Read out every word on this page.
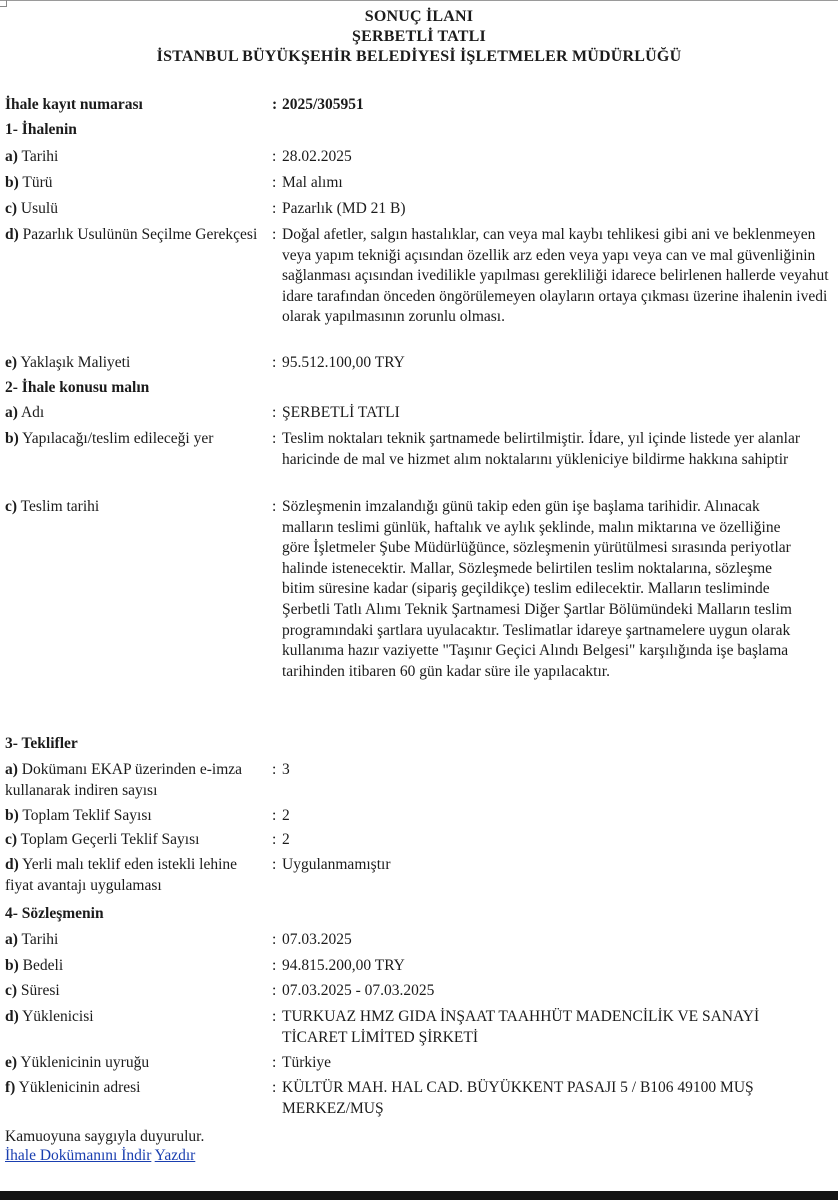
SONUÇ İLANI
ŞERBETLİ TATLI
İSTANBUL BÜYÜKŞEHİR BELEDİYESİ İŞLETMELER MÜDÜRLÜĞÜ
İhale kayıt numarası	: 2025/305951
1- İhalenin
a) Tarihi	: 28.02.2025
b) Türü	: Mal alımı
c) Usulü	: Pazarlık (MD 21 B)
d) Pazarlık Usulünün Seçilme Gerekçesi : Doğal afetler, salgın hastalıklar, can veya mal kaybı tehlikesi gibi ani ve beklenmeyen veya yapım tekniği açısından özellik arz eden veya yapı veya can ve mal güvenliğinin sağlanması açısından ivedilikle yapılması gerekliliği idarece belirlenen hallerde veyahut idare tarafından önceden öngörülemeyen olayların ortaya çıkması üzerine ihalenin ivedi olarak yapılmasının zorunlu olması.
e) Yaklaşık Maliyeti	: 95.512.100,00 TRY
2- İhale konusu malın
a) Adı	: ŞERBETLİ TATLI
b) Yapılacağı/teslim edileceği yer	: Teslim noktaları teknik şartnamede belirtilmiştir. İdare, yıl içinde listede yer alanlar haricinde de mal ve hizmet alım noktalarını yükleniciye bildirme hakkına sahiptir
c) Teslim tarihi	: Sözleşmenin imzalandığı günü takip eden gün işe başlama tarihidir. Alınacak malların teslimi günlük, haftalık ve aylık şeklinde, malın miktarına ve özelliğine göre İşletmeler Şube Müdürlüğünce, sözleşmenin yürütülmesi sırasında periyotlar halinde istenecektir. Mallar, Sözleşmede belirtilen teslim noktalarına, sözleşme bitim süresine kadar (sipariş geçildikçe) teslim edilecektir. Malların tesliminde Şerbetli Tatlı Alımı Teknik Şartnamesi Diğer Şartlar Bölümündeki Malların teslim programındaki şartlara uyulacaktır. Teslimatlar idareye şartnamelere uygun olarak kullanıma hazır vaziyette "Taşınır Geçici Alındı Belgesi" karşılığında işe başlama tarihinden itibaren 60 gün kadar süre ile yapılacaktır.
3- Teklifler
a) Dokümanı EKAP üzerinden e-imza kullanarak indiren sayısı
: 3
b) Toplam Teklif Sayısı	: 2
c) Toplam Geçerli Teklif Sayısı	: 2
d) Yerli malı teklif eden istekli lehine fiyat avantajı uygulaması
: Uygulanmamıştır
4- Sözleşmenin
a) Tarihi	: 07.03.2025
b) Bedeli	: 94.815.200,00 TRY
c) Süresi	: 07.03.2025 - 07.03.2025
d) Yüklenicisi	: TURKUAZ HMZ GIDA İNŞAAT TAAHHÜT MADENCİLİK VE SANAYİ TİCARET LİMİTED ŞİRKETİ
e) Yüklenicinin uyruğu	: Türkiye
f) Yüklenicinin adresi	: KÜLTÜR MAH. HAL CAD. BÜYÜKKENT PASAJI 5 / B106 49100 MUŞ MERKEZ/MUŞ
Kamuoyuna saygıyla duyurulur.
İhale Dokümanını İndir Yazdır
